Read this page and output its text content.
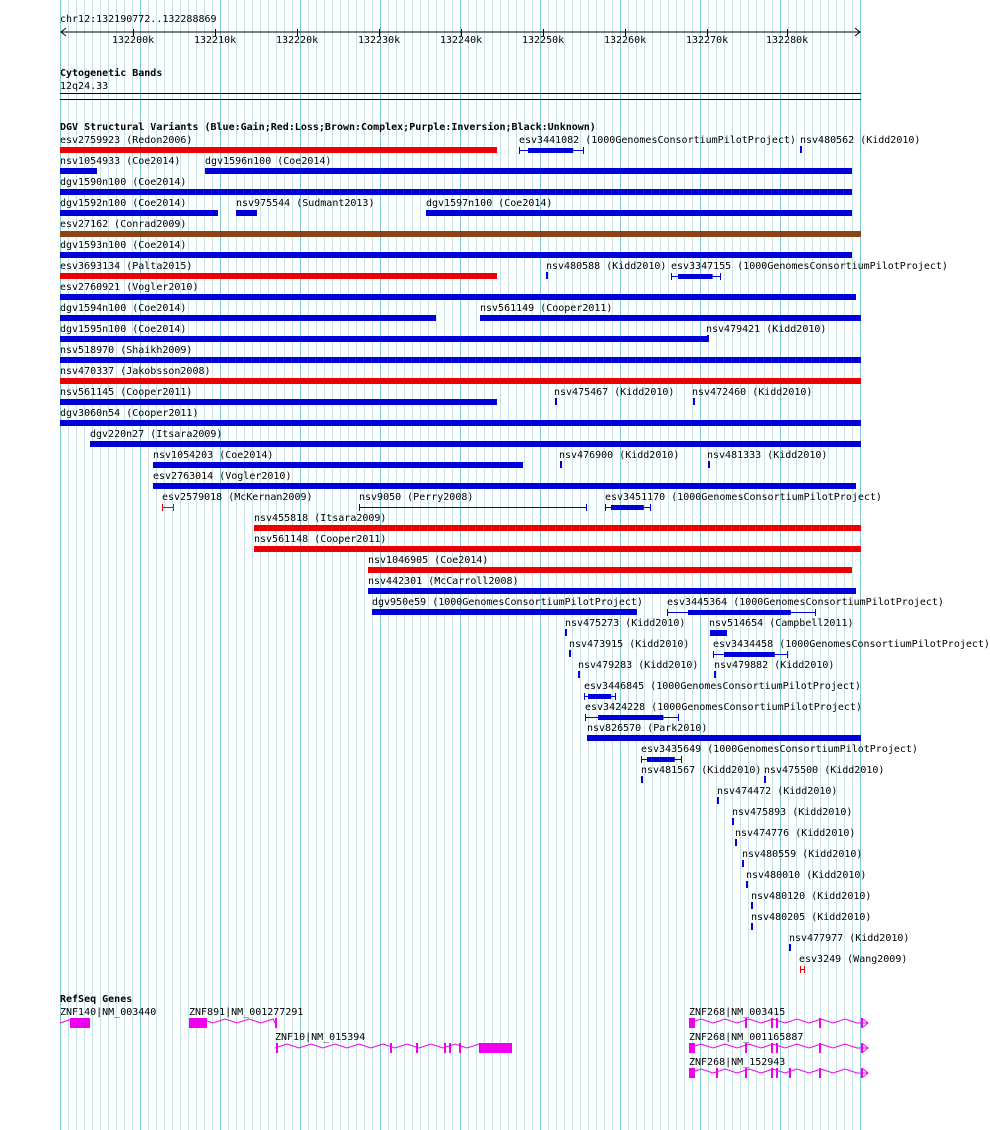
chr12:132190772..132288869
132200k	132210k	132220k	132230k	132240k	132250k	132260k	132270k	132280k
Cytogenetic Bands
12q24.33
DGV Structural Variants (Blue:Gain;Red:Loss;Brown:Complex;Purple:Inversion;Black:Unknown)
esv2759923 (Redon2006)	esv3441082 (1000GenomesConsortiumPilotProject) nsv480562 (Kidd2010)
nsv1054933 (Coe2014) dgv1596n100 (Coe2014)
dgv1590n100 (Coe2014)
dgv1592n100 (Coe2014)	nsv975544 (Sudmant2013)	dgv1597n100 (Coe2014)
esv27162 (Conrad2009)
dgv1593n100 (Coe2014)
esv3693134 (Palta2015)	nsv480588 (Kidd2010) esv3347155 (1000GenomesConsortiumPilotProject)
esv2760921 (Vogler2010)
dgv1594n100 (Coe2014)	nsv561149 (Cooper2011)
dgv1595n100 (Coe2014)	nsv479421 (Kidd2010)
nsv518970 (Shaikh2009)
nsv470337 (Jakobsson2008)
nsv561145 (Cooper2011)	nsv475467 (Kidd2010) nsv472460 (Kidd2010)
dgv3060n54 (Cooper2011)
dgv220n27 (Itsara2009)
nsv1054203 (Coe2014)	nsv476900 (Kidd2010)	nsv481333 (Kidd2010)
esv2763014 (Vogler2010)
esv2579018 (McKernan2009)	nsv9050 (Perry2008)	esv3451170 (1000GenomesConsortiumPilotProject)
nsv455818 (Itsara2009)
nsv561148 (Cooper2011)
nsv1046905 (Coe2014)
nsv442301 (McCarroll2008)
dgv950e59 (1000GenomesConsortiumPilotProject) esv3445364 (1000GenomesConsortiumPilotProject)
nsv475273 (Kidd2010) nsv514654 (Campbell2011)
nsv473915 (Kidd2010) esv3434458 (1000GenomesConsortiumPilotProject)
nsv479283 (Kidd2010) nsv479882 (Kidd2010)
esv3446845 (1000GenomesConsortiumPilotProject)
esv3424228 (1000GenomesConsortiumPilotProject)
nsv826570 (Park2010)
esv3435649 (1000GenomesConsortiumPilotProject)
nsv481567 (Kidd2010) nsv475500 (Kidd2010)
nsv474472 (Kidd2010)
nsv475893 (Kidd2010)
nsv474776 (Kidd2010)
nsv480559 (Kidd2010)
nsv480010 (Kidd2010)
nsv480120 (Kidd2010)
nsv480205 (Kidd2010)
nsv477977 (Kidd2010)
esv3249 (Wang2009)
RefSeq Genes
ZNF140|NM_003440	ZNF891|NM_001277291
ZNF10|NM_015394
ZNF268|NM_003415
ZNF268|NM_001165887
ZNF268|NM_152943
